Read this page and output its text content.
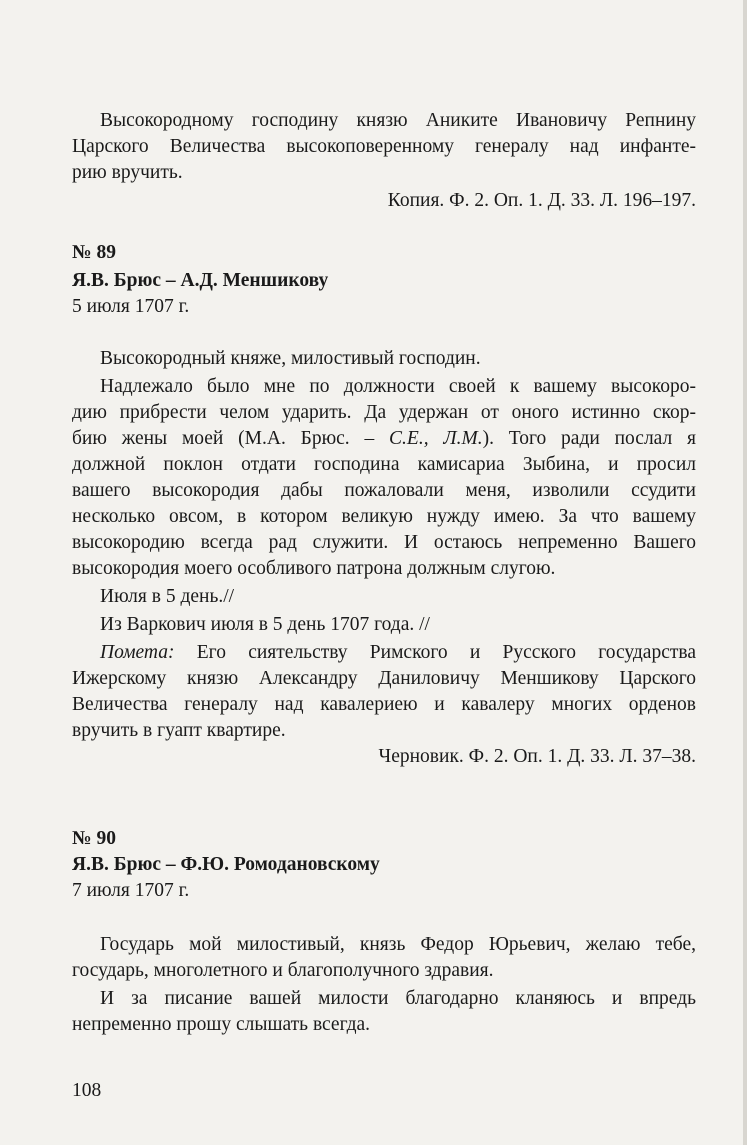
Высокородному господину князю Аниките Ивановичу Репнину
Царского Величества высокоповеренному генералу над инфанте-
рию вручить.
Копия. Ф. 2. Оп. 1. Д. 33. Л. 196–197.
№ 89
Я.В. Брюс – А.Д. Меншикову
5 июля 1707 г.
Высокородный княже, милостивый господин.
Надлежало было мне по должности своей к вашему высокоро-
дию прибрести челом ударить. Да удержан от оного истинно скор-
бию жены моей (М.А. Брюс. – С.Е., Л.М.). Того ради послал я
должной поклон отдати господина камисариа Зыбина, и просил
вашего высокородия дабы пожаловали меня, изволили ссудити
несколько овсом, в котором великую нужду имею. За что вашему
высокородию всегда рад служити. И остаюсь непременно Вашего
высокородия моего особливого патрона должным слугою.
Июля в 5 день.//
Из Варкович июля в 5 день 1707 года. //
Помета: Его сиятельству Римского и Русского государства
Ижерскому князю Александру Даниловичу Меншикову Царского
Величества генералу над кавалериею и кавалеру многих орденов
вручить в гуапт квартире.
Черновик. Ф. 2. Оп. 1. Д. 33. Л. 37–38.
№ 90
Я.В. Брюс – Ф.Ю. Ромодановскому
7 июля 1707 г.
Государь мой милостивый, князь Федор Юрьевич, желаю тебе,
государь, многолетного и благополучного здравия.
И за писание вашей милости благодарно кланяюсь и впредь
непременно прошу слышать всегда.
108
